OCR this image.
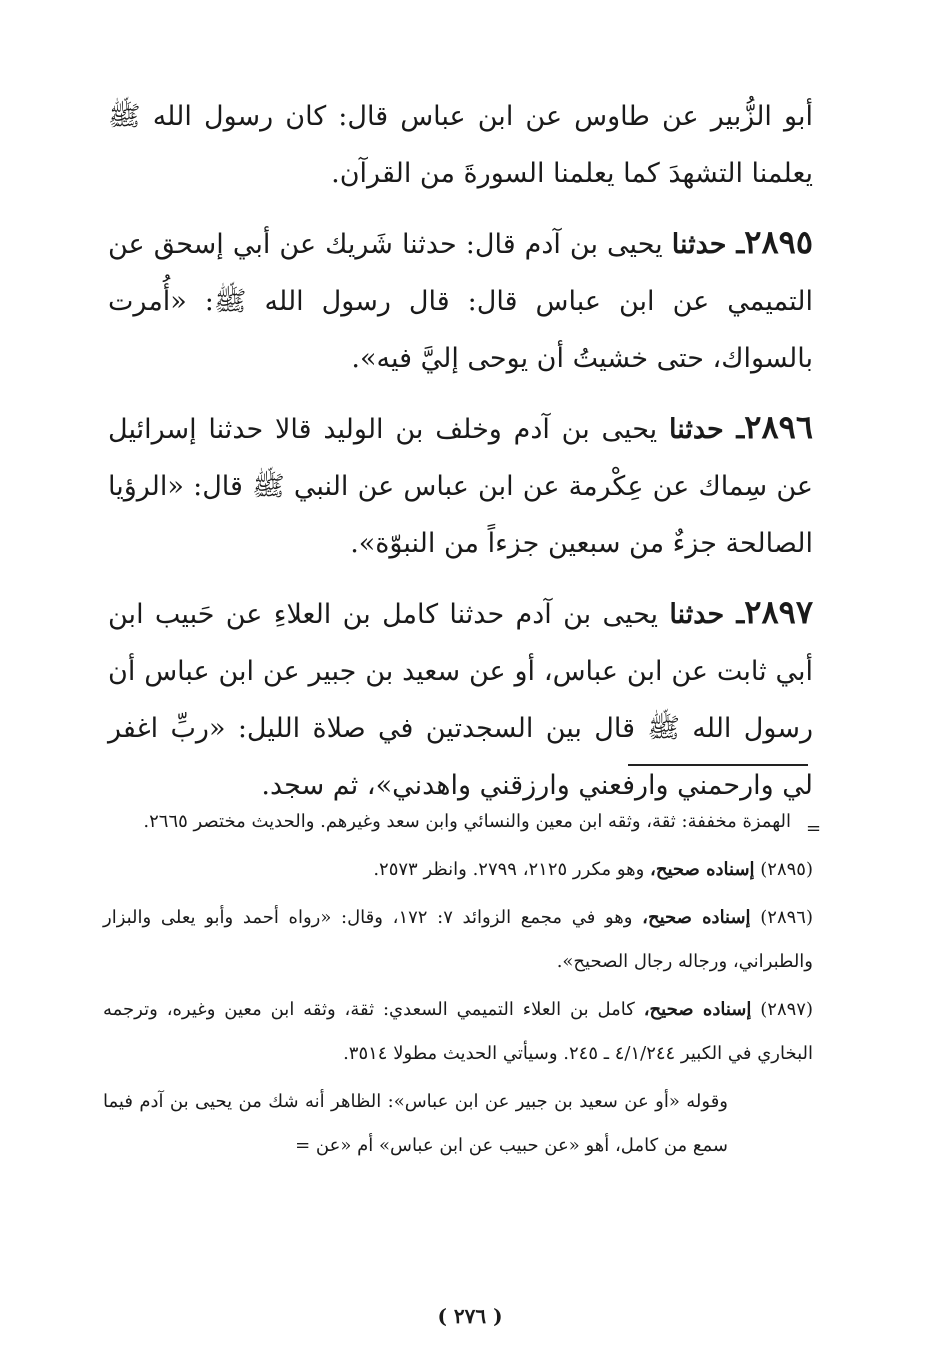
أبو الزُّبير عن طاوس عن ابن عباس قال: كان رسول الله ﷺ يعلمنا التشهدَ كما يعلمنا السورةَ من القرآن.

٢٨٩٥ـ حدثنا يحيى بن آدم قال: حدثنا شَريك عن أبي إسحق عن التميمي عن ابن عباس قال: قال رسول الله ﷺ: «أُمرت بالسواك، حتى خشيتُ أن يوحى إليَّ فيه».

٢٨٩٦ـ حدثنا يحيى بن آدم وخلف بن الوليد قالا حدثنا إسرائيل عن سِماك عن عِكْرمة عن ابن عباس عن النبي ﷺ قال: «الرؤيا الصالحة جزءٌ من سبعين جزءاً من النبوّة».

٢٨٩٧ـ حدثنا يحيى بن آدم حدثنا كامل بن العلاءِ عن حَبيب ابن أبي ثابت عن ابن عباس، أو عن سعيد بن جبير عن ابن عباس أن رسول الله ﷺ قال بين السجدتين في صلاة الليل: «ربِّ اغفر لي وارحمني وارفعني وارزقني واهدني»، ثم سجد.

=

الهمزة مخففة: ثقة، وثقه ابن معين والنسائي وابن سعد وغيرهم. والحديث مختصر ٢٦٦٥.

(٢٨٩٥) إسناده صحيح، وهو مكرر ٢١٢٥، ٢٧٩٩. وانظر ٢٥٧٣.

(٢٨٩٦) إسناده صحيح، وهو في مجمع الزوائد ٧: ١٧٢، وقال: «رواه أحمد وأبو يعلى والبزار والطبراني، ورجاله رجال الصحيح».

(٢٨٩٧) إسناده صحيح، كامل بن العلاء التميمي السعدي: ثقة، وثقه ابن معين وغيره، وترجمه البخاري في الكبير ٤/١/٢٤٤ ـ ٢٤٥. وسيأتي الحديث مطولا ٣٥١٤.

وقوله «أو عن سعيد بن جبير عن ابن عباس»: الظاهر أنه شك من يحيى بن آدم فيما سمع من كامل، أهو «عن حبيب عن ابن عباس» أم «عن =

( ٢٧٦ )
